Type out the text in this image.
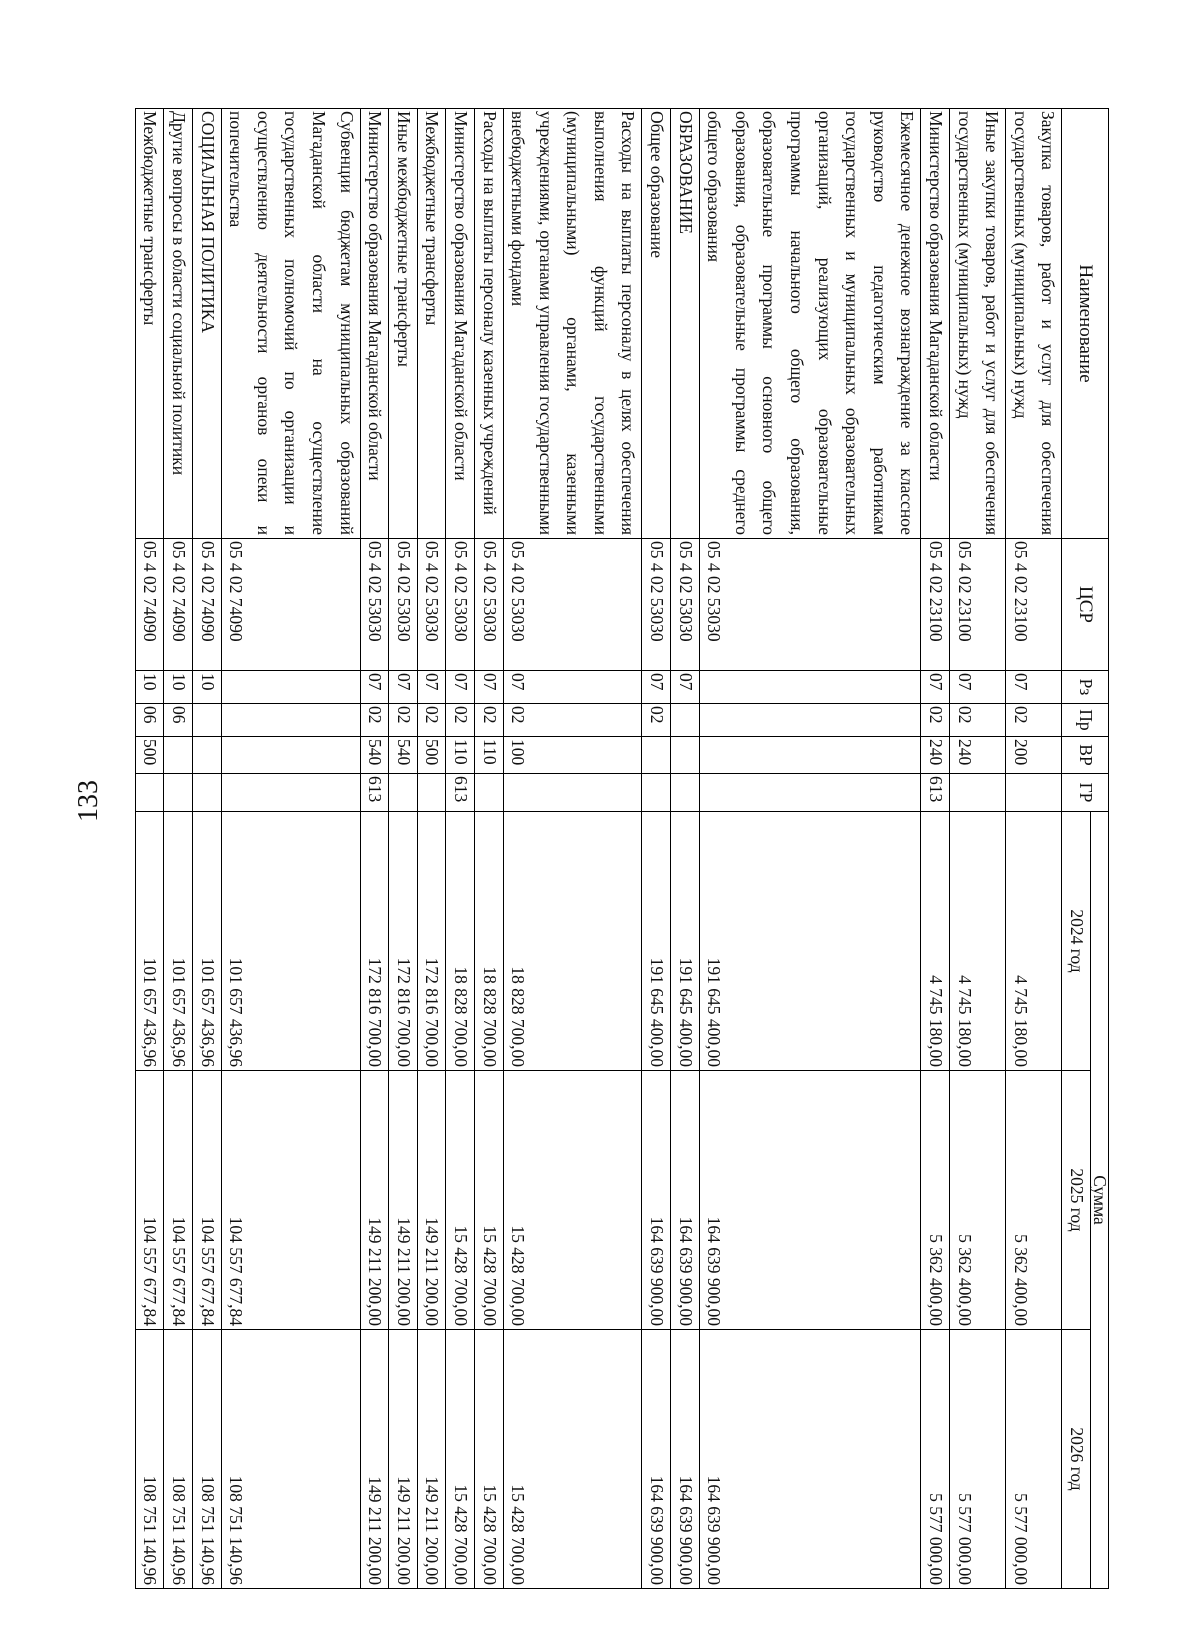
133
Наименование	ЦСР	Рз	Пр	ВР	ГР	Сумма		
						2024 год	2025 год	2026 год
Закупка товаров, работ и услуг для обеспечения государственных (муниципальных) нужд	05 4 02 23100	07	02	200		4 745 180,00	5 362 400,00	5 577 000,00
Иные закупки товаров, работ и услуг для обеспечения государственных (муниципальных) нужд	05 4 02 23100	07	02	240		4 745 180,00	5 362 400,00	5 577 000,00
Министерство образования Магаданской области	05 4 02 23100	07	02	240	613	4 745 180,00	5 362 400,00	5 577 000,00
Ежемесячное денежное вознаграждение за классное руководство педагогическим работникам государственных и муниципальных образовательных организаций, реализующих образовательные программы начального общего образования, образовательные программы основного общего образования, образовательные программы среднего общего образования	05 4 02 53030					191 645 400,00	164 639 900,00	164 639 900,00
ОБРАЗОВАНИЕ	05 4 02 53030	07				191 645 400,00	164 639 900,00	164 639 900,00
Общее образование	05 4 02 53030	07	02			191 645 400,00	164 639 900,00	164 639 900,00
Расходы на выплаты персоналу в целях обеспечения выполнения функций государственными (муниципальными) органами, казенными учреждениями, органами управления государственными внебюджетными фондами	05 4 02 53030	07	02	100		18 828 700,00	15 428 700,00	15 428 700,00
Расходы на выплаты персоналу казенных учреждений	05 4 02 53030	07	02	110		18 828 700,00	15 428 700,00	15 428 700,00
Министерство образования Магаданской области	05 4 02 53030	07	02	110	613	18 828 700,00	15 428 700,00	15 428 700,00
Межбюджетные трансферты	05 4 02 53030	07	02	500		172 816 700,00	149 211 200,00	149 211 200,00
Иные межбюджетные трансферты	05 4 02 53030	07	02	540		172 816 700,00	149 211 200,00	149 211 200,00
Министерство образования Магаданской области	05 4 02 53030	07	02	540	613	172 816 700,00	149 211 200,00	149 211 200,00
Субвенции бюджетам муниципальных образований Магаданской области на осуществление государственных полномочий по организации и осуществлению деятельности органов опеки и попечительства	05 4 02 74090					101 657 436,96	104 557 677,84	108 751 140,96
СОЦИАЛЬНАЯ ПОЛИТИКА	05 4 02 74090	10				101 657 436,96	104 557 677,84	108 751 140,96
Другие вопросы в области социальной политики	05 4 02 74090	10	06			101 657 436,96	104 557 677,84	108 751 140,96
Межбюджетные трансферты	05 4 02 74090	10	06	500		101 657 436,96	104 557 677,84	108 751 140,96
